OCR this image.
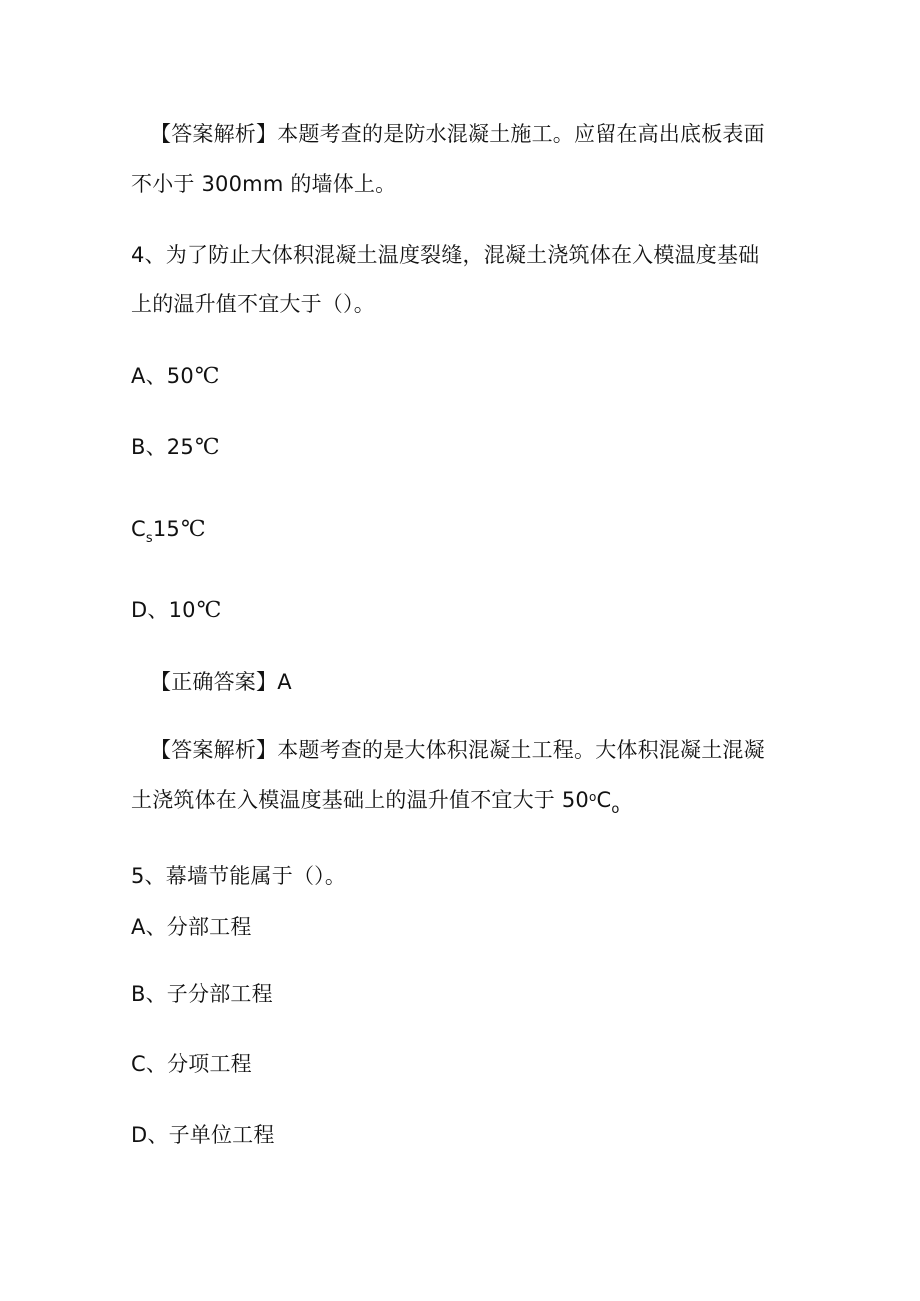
【答案解析】本题考查的是防水混凝土施工。应留在高出底板表面
不小于 300mm 的墙体上。
4、为了防止大体积混凝土温度裂缝，混凝土浇筑体在入模温度基础
上的温升值不宜大于（）。
A、50℃
B、25℃
$C_s15℃$
D、10℃
【正确答案】A
【答案解析】本题考查的是大体积混凝土工程。大体积混凝土混凝
土浇筑体在入模温度基础上的温升值不宜大于 $50^oC_o$
5、幕墙节能属于（）。
A、分部工程
B、子分部工程
C、分项工程
D、子单位工程
